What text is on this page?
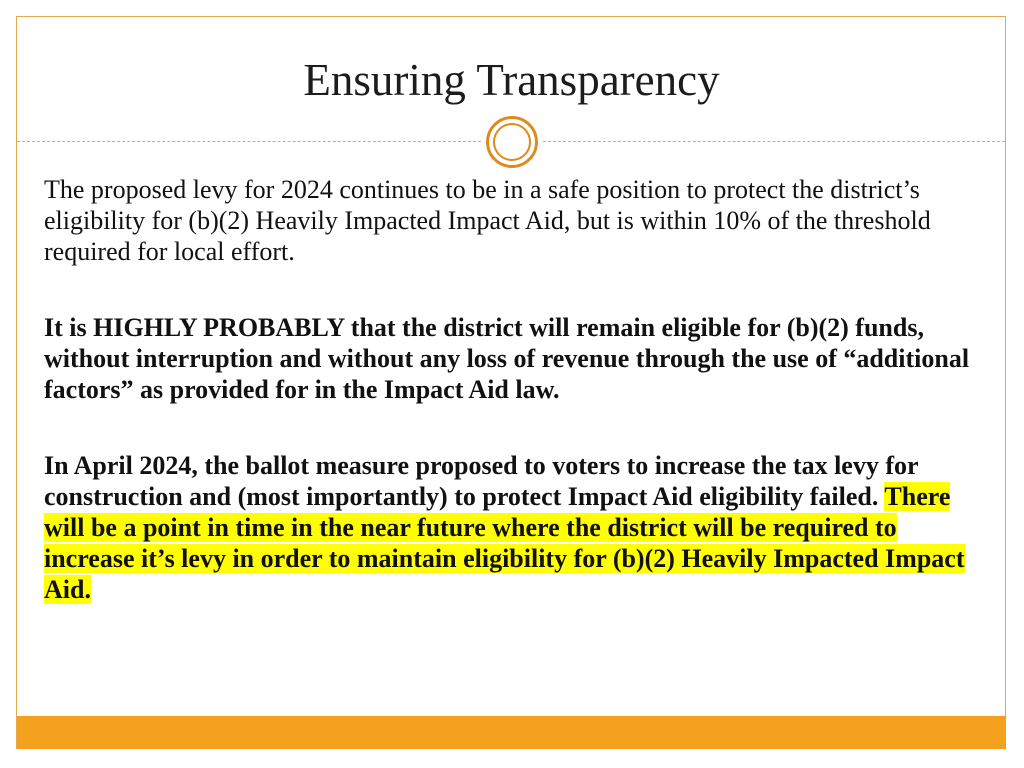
Ensuring Transparency

The proposed levy for 2024 continues to be in a safe position to protect the district’s eligibility for (b)(2) Heavily Impacted Impact Aid, but is within 10% of the threshold required for local effort.

It is HIGHLY PROBABLY that the district will remain eligible for (b)(2) funds, without interruption and without any loss of revenue through the use of “additional factors” as provided for in the Impact Aid law.

In April 2024, the ballot measure proposed to voters to increase the tax levy for construction and (most importantly) to protect Impact Aid eligibility failed. There will be a point in time in the near future where the district will be required to increase it’s levy in order to maintain eligibility for (b)(2) Heavily Impacted Impact Aid.
